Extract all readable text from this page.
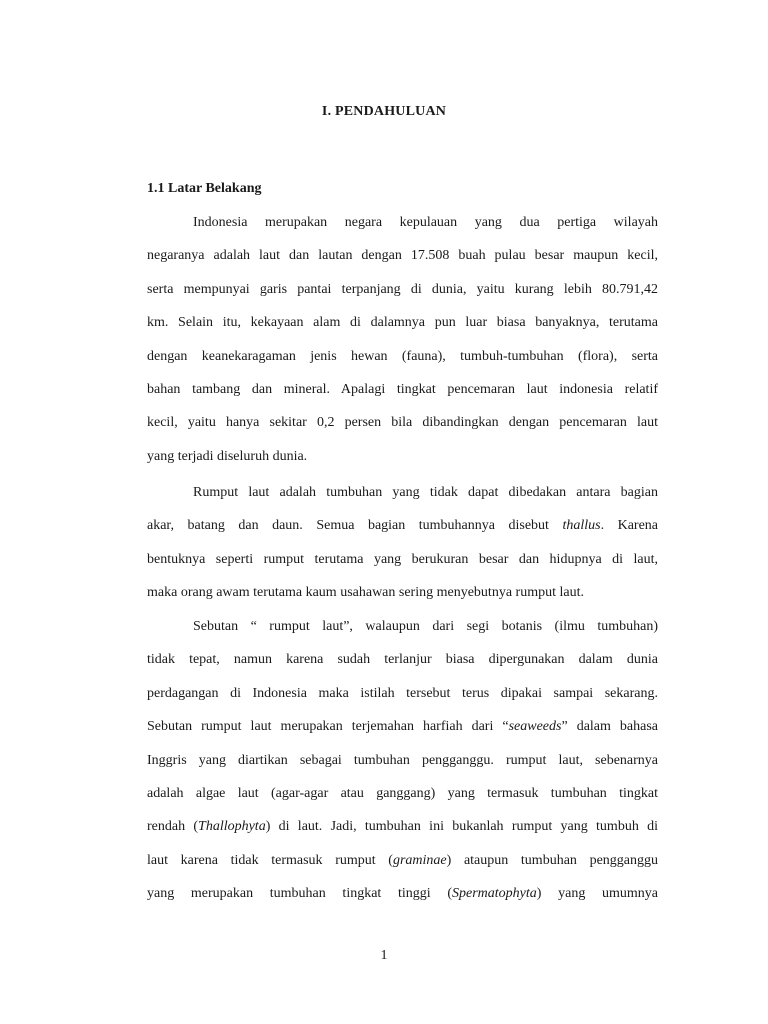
I. PENDAHULUAN
1.1 Latar Belakang
Indonesia merupakan negara kepulauan yang dua pertiga wilayah
negaranya adalah laut dan lautan dengan 17.508 buah pulau besar maupun kecil,
serta mempunyai garis pantai terpanjang di dunia, yaitu kurang lebih 80.791,42
km. Selain itu, kekayaan alam di dalamnya pun luar biasa banyaknya, terutama
dengan keanekaragaman jenis hewan (fauna), tumbuh-tumbuhan (flora), serta
bahan tambang dan mineral. Apalagi tingkat pencemaran laut indonesia relatif
kecil, yaitu hanya sekitar 0,2 persen bila dibandingkan dengan pencemaran laut
yang terjadi diseluruh dunia.
Rumput laut adalah tumbuhan yang tidak dapat dibedakan antara bagian
akar, batang dan daun. Semua bagian tumbuhannya disebut thallus. Karena
bentuknya seperti rumput terutama yang berukuran besar dan hidupnya di laut,
maka orang awam terutama kaum usahawan sering menyebutnya rumput laut.
Sebutan “ rumput laut”, walaupun dari segi botanis (ilmu tumbuhan)
tidak tepat, namun karena sudah terlanjur biasa dipergunakan dalam dunia
perdagangan di Indonesia maka istilah tersebut terus dipakai sampai sekarang.
Sebutan rumput laut merupakan terjemahan harfiah dari “seaweeds” dalam bahasa
Inggris yang diartikan sebagai tumbuhan pengganggu. rumput laut, sebenarnya
adalah algae laut (agar-agar atau ganggang) yang termasuk tumbuhan tingkat
rendah (Thallophyta) di laut. Jadi, tumbuhan ini bukanlah rumput yang tumbuh di
laut karena tidak termasuk rumput (graminae) ataupun tumbuhan pengganggu
yang merupakan tumbuhan tingkat tinggi (Spermatophyta) yang umumnya
1
